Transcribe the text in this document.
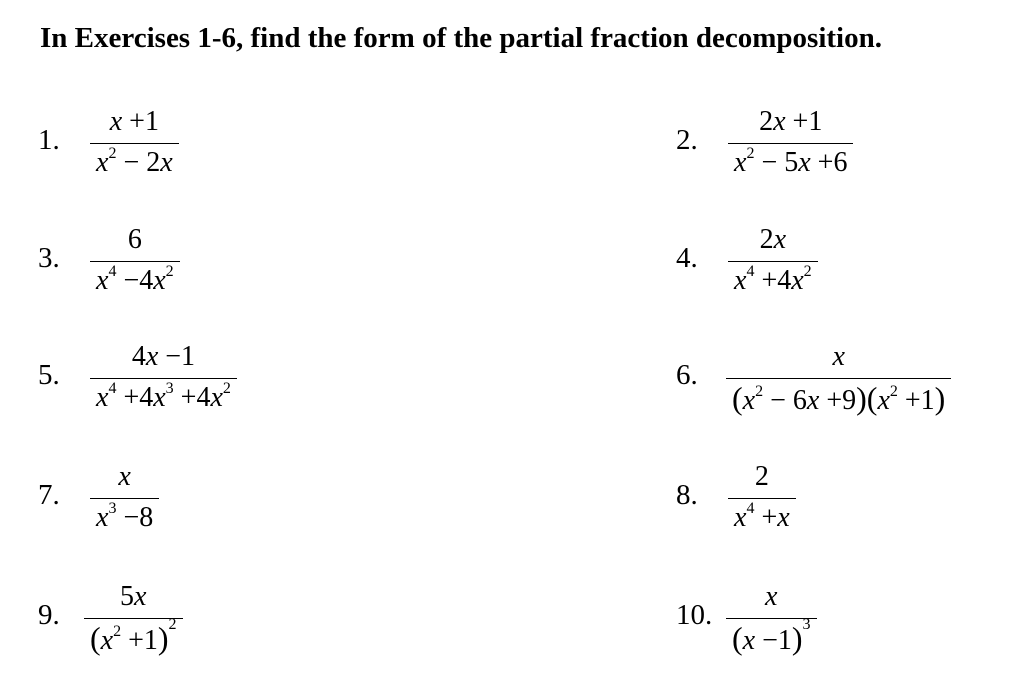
In Exercises 1-6, find the form of the partial fraction decomposition.
1.
x +1
$x^2 - 2x$
2.
2x +1
$x^2 - 5x +6$
3.
6
$x^4 -4x^2$	4.
2x
$x^4 +4x^2$
5.
4x −1
$x^4 +4x^3 +4x^2$	6.
x
$(x^2 - 6x +9)(x^2 +1)$
7.
x
$x^3 -8$
8.
2
$x^4 +x$
9.
5x
$(x^2 +1)^2$	10.
x
$(x -1)^3$
